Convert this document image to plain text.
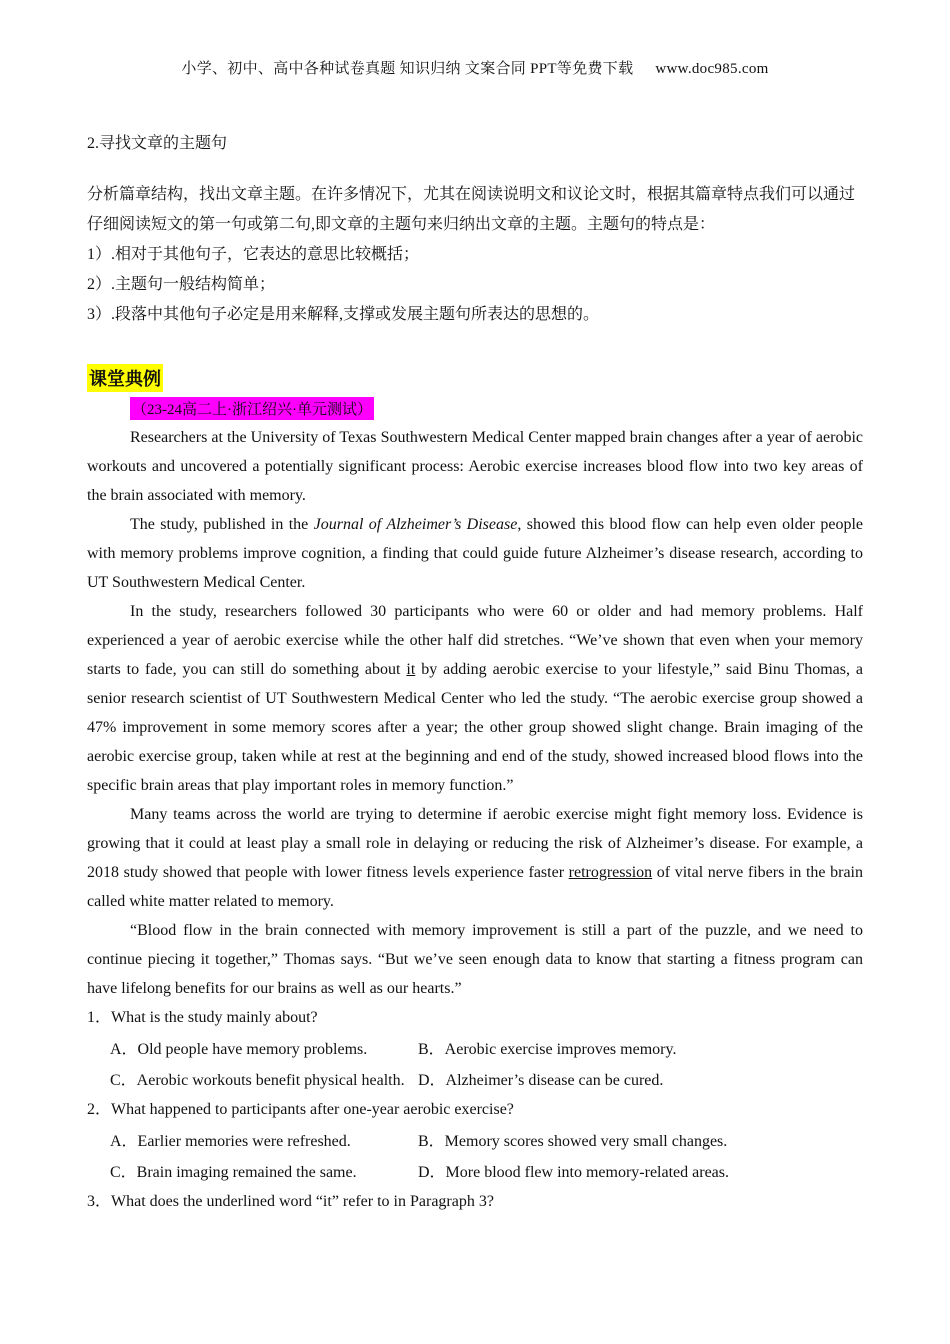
小学、初中、高中各种试卷真题 知识归纳 文案合同 PPT等免费下载 www.doc985.com
2.寻找文章的主题句

分析篇章结构，找出文章主题。在许多情况下，尤其在阅读说明文和议论文时，根据其篇章特点我们可以通过仔细阅读短文的第一句或第二句,即文章的主题句来归纳出文章的主题。主题句的特点是：

1）.相对于其他句子，它表达的意思比较概括；

2）.主题句一般结构简单；

3）.段落中其他句子必定是用来解释,支撑或发展主题句所表达的思想的。

课堂典例
（23-24高二上·浙江绍兴·单元测试）

Researchers at the University of Texas Southwestern Medical Center mapped brain changes after a year of aerobic workouts and uncovered a potentially significant process: Aerobic exercise increases blood flow into two key areas of the brain associated with memory.

The study, published in the Journal of Alzheimer’s Disease, showed this blood flow can help even older people with memory problems improve cognition, a finding that could guide future Alzheimer’s disease research, according to UT Southwestern Medical Center.

In the study, researchers followed 30 participants who were 60 or older and had memory problems. Half experienced a year of aerobic exercise while the other half did stretches. “We’ve shown that even when your memory starts to fade, you can still do something about it by adding aerobic exercise to your lifestyle,” said Binu Thomas, a senior research scientist of UT Southwestern Medical Center who led the study. “The aerobic exercise group showed a 47% improvement in some memory scores after a year; the other group showed slight change. Brain imaging of the aerobic exercise group, taken while at rest at the beginning and end of the study, showed increased blood flows into the specific brain areas that play important roles in memory function.”

Many teams across the world are trying to determine if aerobic exercise might fight memory loss. Evidence is growing that it could at least play a small role in delaying or reducing the risk of Alzheimer’s disease. For example, a 2018 study showed that people with lower fitness levels experience faster retrogression of vital nerve fibers in the brain called white matter related to memory.

“Blood flow in the brain connected with memory improvement is still a part of the puzzle, and we need to continue piecing it together,” Thomas says. “But we’ve seen enough data to know that starting a fitness program can have lifelong benefits for our brains as well as our hearts.”

1．What is the study mainly about?
A．Old people have memory problems.	B．Aerobic exercise improves memory.
C．Aerobic workouts benefit physical health. D．Alzheimer’s disease can be cured.
2．What happened to participants after one-year aerobic exercise?
A．Earlier memories were refreshed.	B．Memory scores showed very small changes.
C．Brain imaging remained the same.	D．More blood flew into memory-related areas.
3．What does the underlined word “it” refer to in Paragraph 3?
